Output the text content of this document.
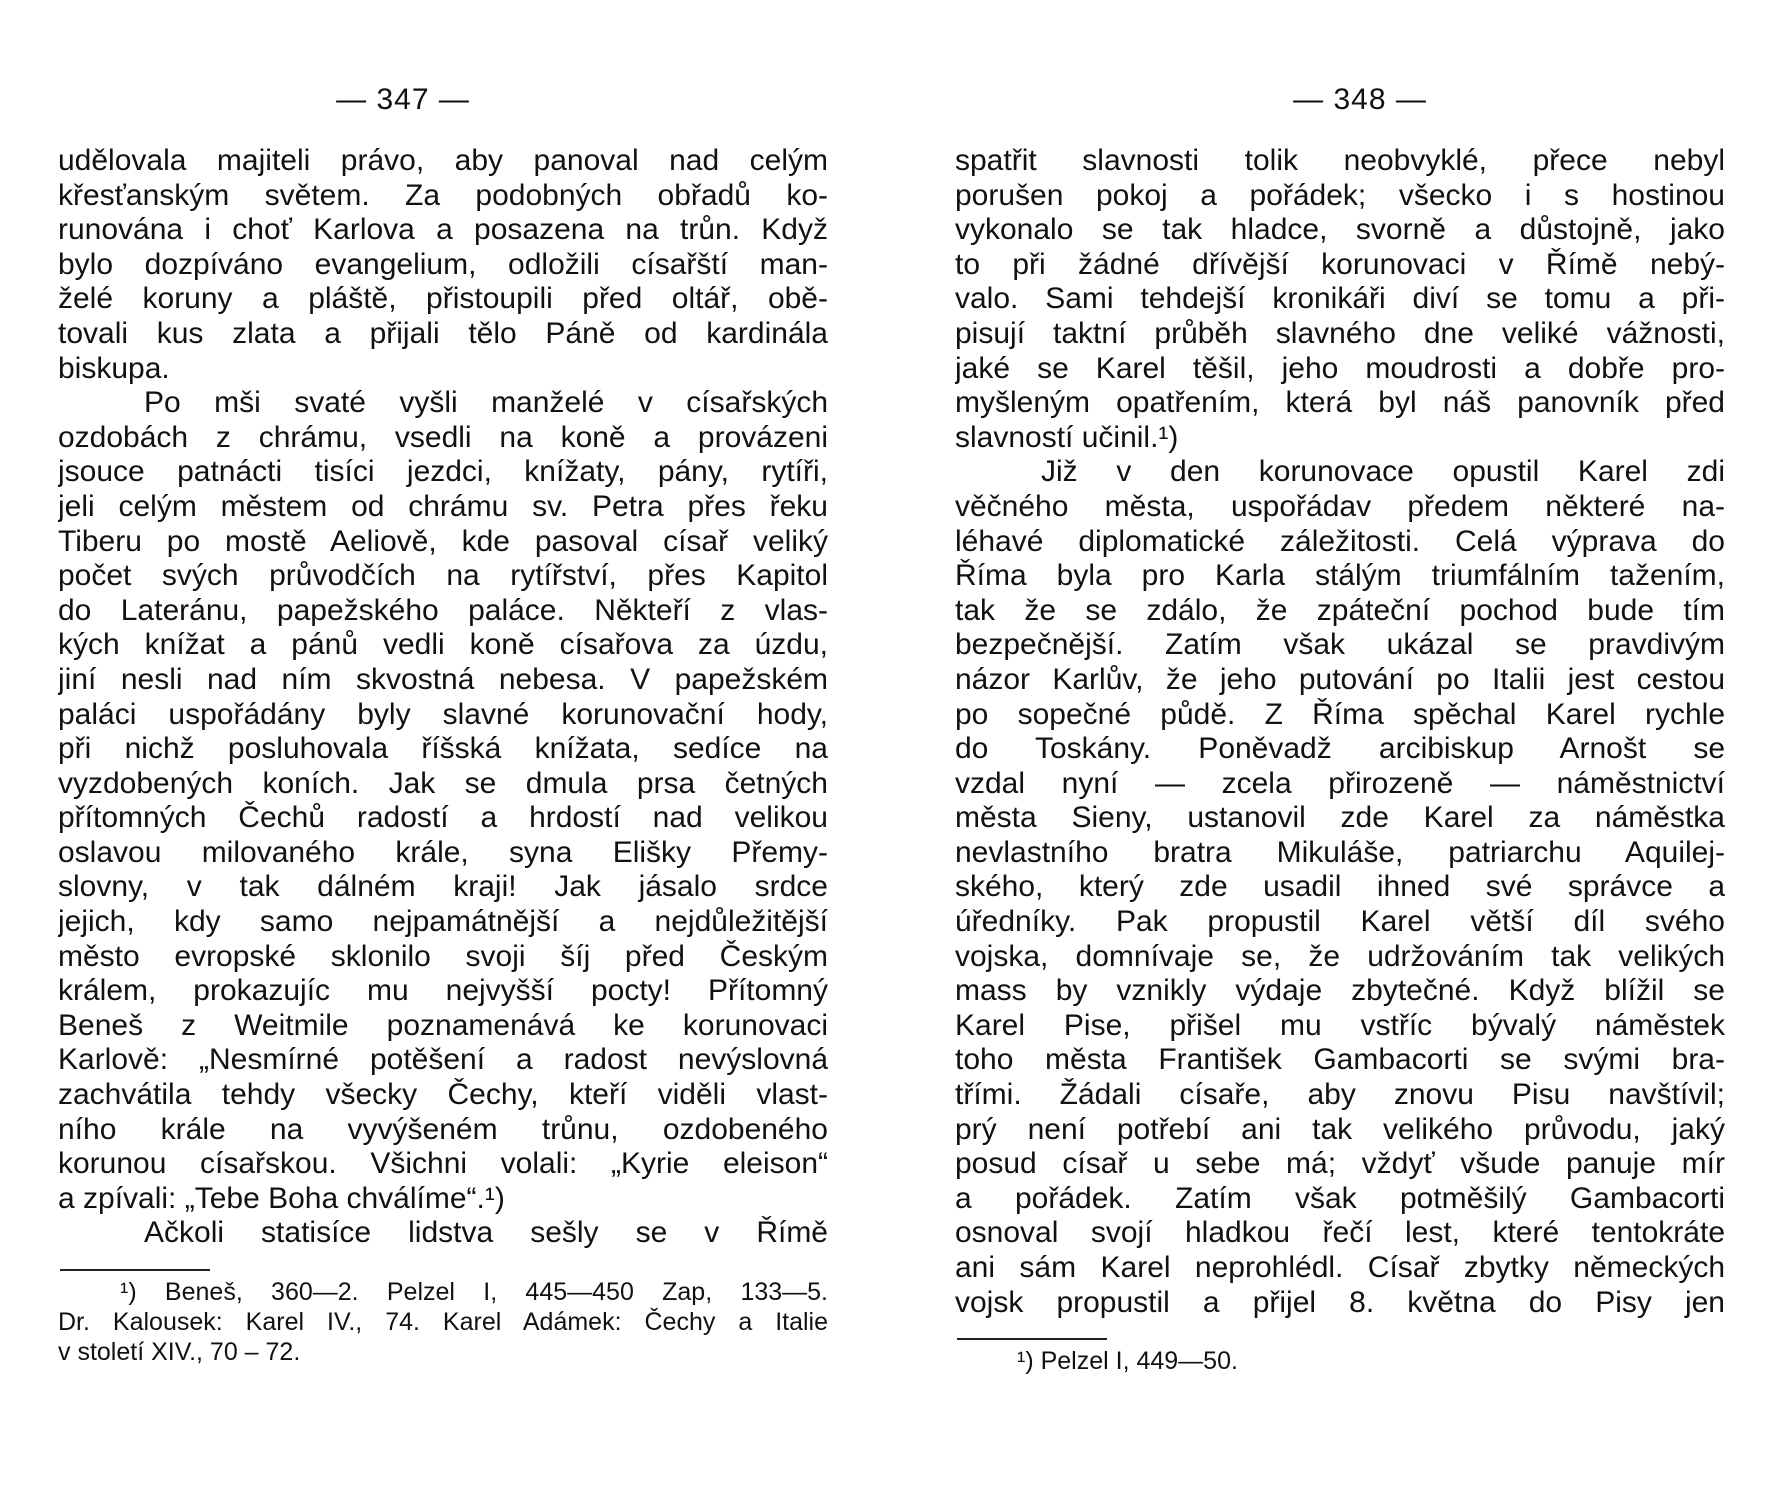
— 347 —
udělovala majiteli právo, aby panoval nad celým
křesťanským světem. Za podobných obřadů ko-
runována i choť Karlova a posazena na trůn. Když
bylo dozpíváno evangelium, odložili císařští man-
želé koruny a pláště, přistoupili před oltář, obě-
tovali kus zlata a přijali tělo Páně od kardinála
biskupa.
Po mši svaté vyšli manželé v císařských
ozdobách z chrámu, vsedli na koně a provázeni
jsouce patnácti tisíci jezdci, knížaty, pány, rytíři,
jeli celým městem od chrámu sv. Petra přes řeku
Tiberu po mostě Aeliově, kde pasoval císař veliký
počet svých průvodčích na rytířství, přes Kapitol
do Lateránu, papežského paláce. Někteří z vlas-
kých knížat a pánů vedli koně císařova za úzdu,
jiní nesli nad ním skvostná nebesa. V papežském
paláci uspořádány byly slavné korunovační hody,
při nichž posluhovala říšská knížata, sedíce na
vyzdobených koních. Jak se dmula prsa četných
přítomných Čechů radostí a hrdostí nad velikou
oslavou milovaného krále, syna Elišky Přemy-
slovny, v tak dálném kraji! Jak jásalo srdce
jejich, kdy samo nejpamátnější a nejdůležitější
město evropské sklonilo svoji šíj před Českým
králem, prokazujíc mu nejvyšší pocty! Přítomný
Beneš z Weitmile poznamenává ke korunovaci
Karlově: „Nesmírné potěšení a radost nevýslovná
zachvátila tehdy všecky Čechy, kteří viděli vlast-
ního krále na vyvýšeném trůnu, ozdobeného
korunou císařskou. Všichni volali: „Kyrie eleison“
a zpívali: „Tebe Boha chválíme“.¹)
Ačkoli statisíce lidstva sešly se v Římě
¹) Beneš, 360—2. Pelzel I, 445—450 Zap, 133—5.
Dr. Kalousek: Karel IV., 74. Karel Adámek: Čechy a Italie
v století XIV., 70 – 72.
— 348 —
spatřit slavnosti tolik neobvyklé, přece nebyl
porušen pokoj a pořádek; všecko i s hostinou
vykonalo se tak hladce, svorně a důstojně, jako
to při žádné dřívější korunovaci v Římě nebý-
valo. Sami tehdejší kronikáři diví se tomu a při-
pisují taktní průběh slavného dne veliké vážnosti,
jaké se Karel těšil, jeho moudrosti a dobře pro-
myšleným opatřením, která byl náš panovník před
slavností učinil.¹)
Již v den korunovace opustil Karel zdi
věčného města, uspořádav předem některé na-
léhavé diplomatické záležitosti. Celá výprava do
Říma byla pro Karla stálým triumfálním tažením,
tak že se zdálo, že zpáteční pochod bude tím
bezpečnější. Zatím však ukázal se pravdivým
názor Karlův, že jeho putování po Italii jest cestou
po sopečné půdě. Z Říma spěchal Karel rychle
do Toskány. Poněvadž arcibiskup Arnošt se
vzdal nyní — zcela přirozeně — náměstnictví
města Sieny, ustanovil zde Karel za náměstka
nevlastního bratra Mikuláše, patriarchu Aquilej-
ského, který zde usadil ihned své správce a
úředníky. Pak propustil Karel větší díl svého
vojska, domnívaje se, že udržováním tak velikých
mass by vznikly výdaje zbytečné. Když blížil se
Karel Pise, přišel mu vstříc bývalý náměstek
toho města František Gambacorti se svými bra-
třími. Žádali císaře, aby znovu Pisu navštívil;
prý není potřebí ani tak velikého průvodu, jaký
posud císař u sebe má; vždyť všude panuje mír
a pořádek. Zatím však potměšilý Gambacorti
osnoval svojí hladkou řečí lest, které tentokráte
ani sám Karel neprohlédl. Císař zbytky německých
vojsk propustil a přijel 8. května do Pisy jen
¹) Pelzel I, 449—50.
